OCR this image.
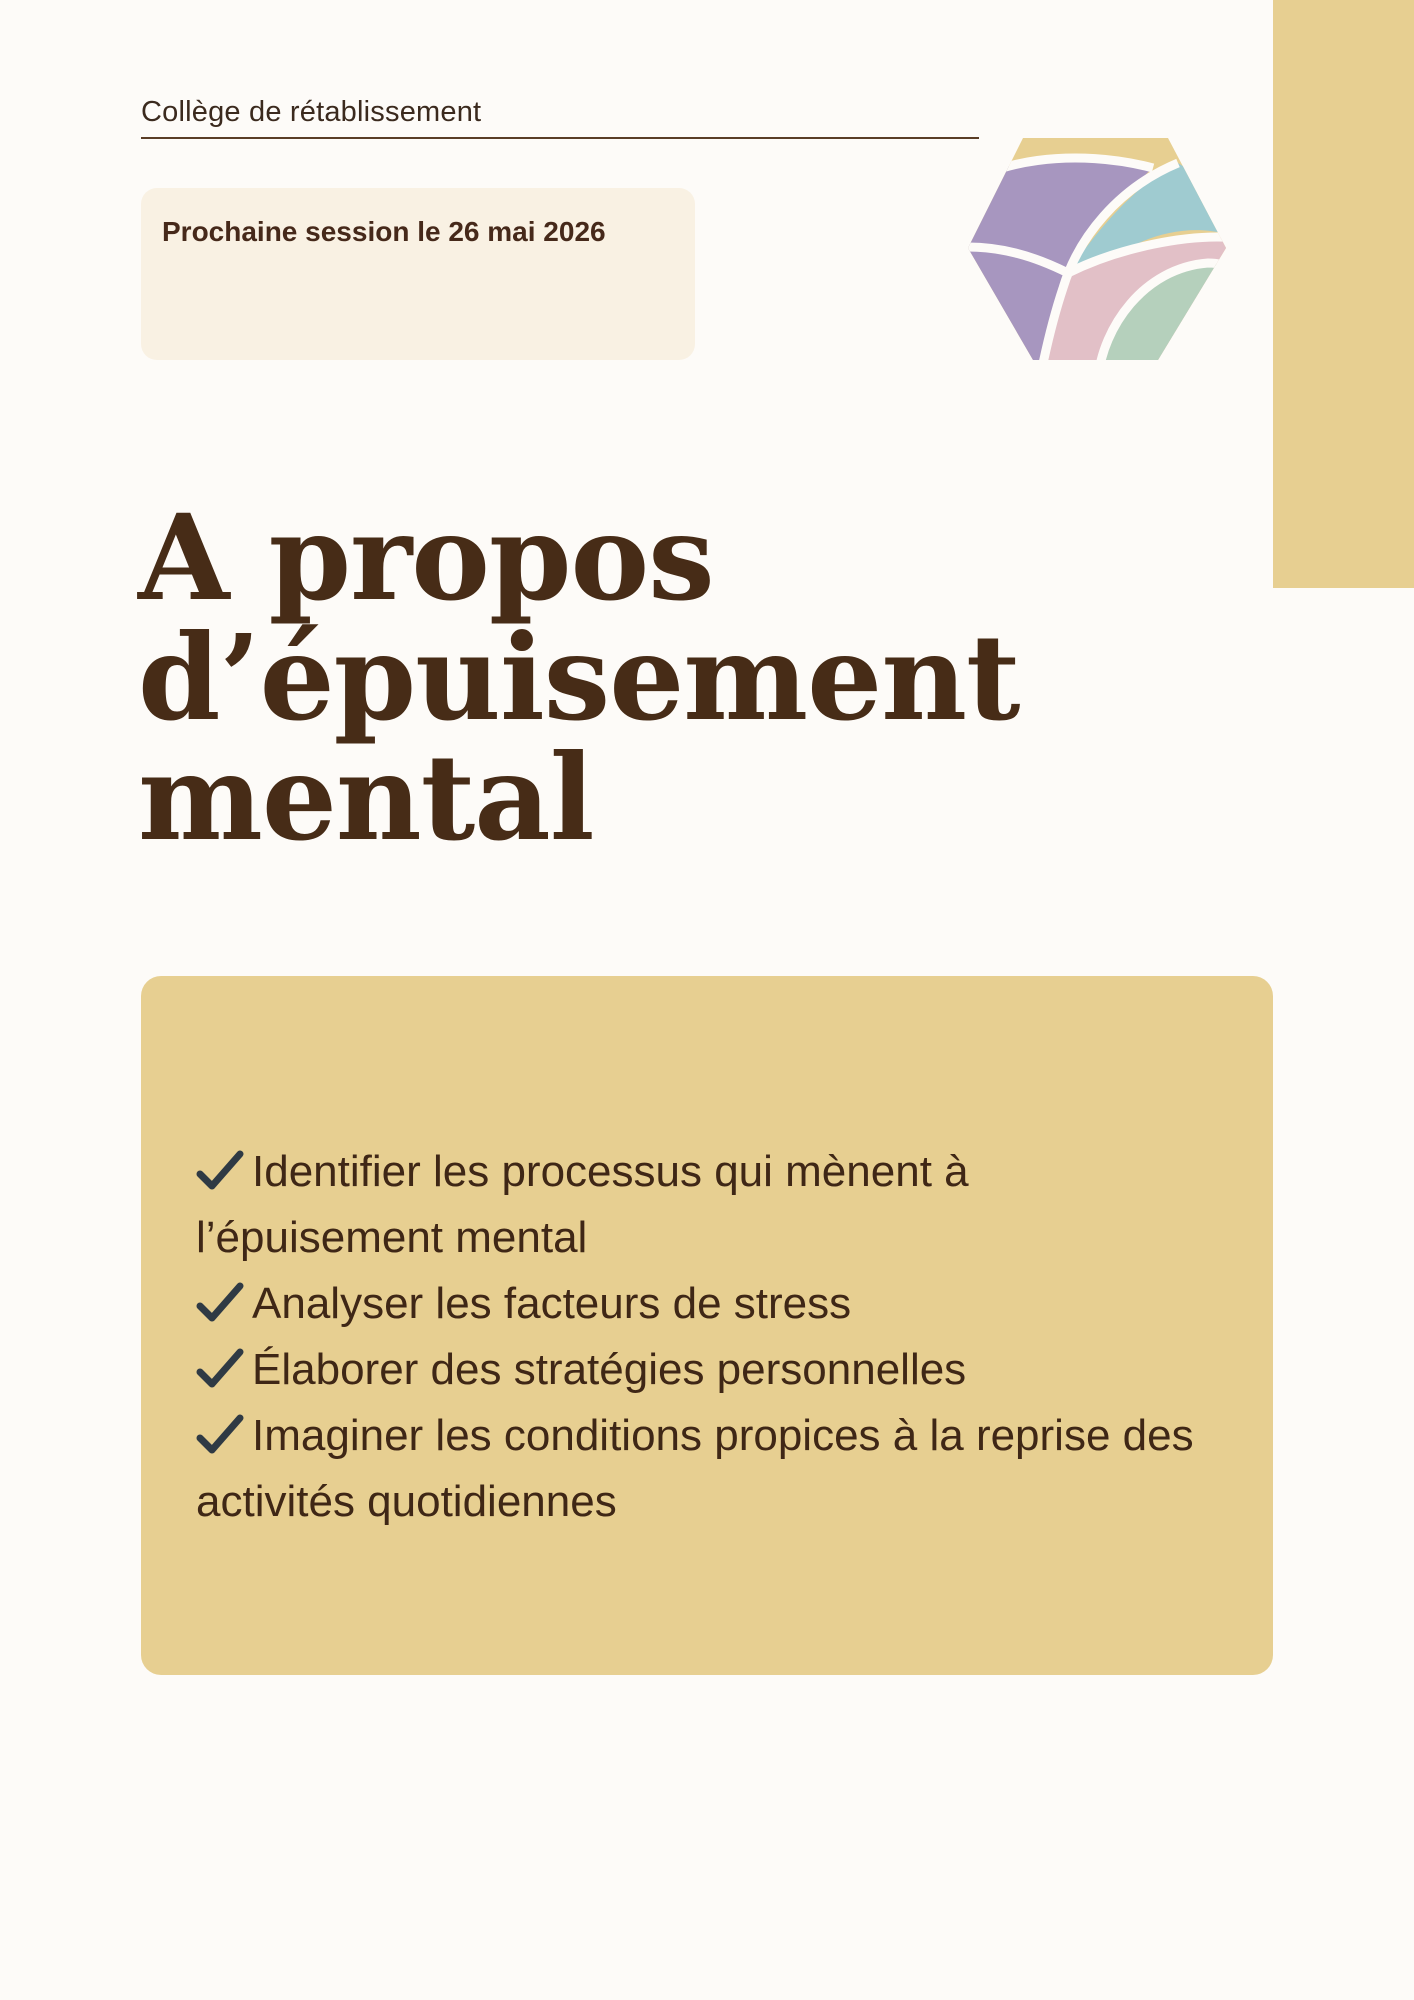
Collège de rétablissement
Prochaine session le 26 mai 2026
A propos
d’épuisement
mental
Identifier les processus qui mènent à l’épuisement mental
Analyser les facteurs de stress
Élaborer des stratégies personnelles
Imaginer les conditions propices à la reprise des activités quotidiennes
